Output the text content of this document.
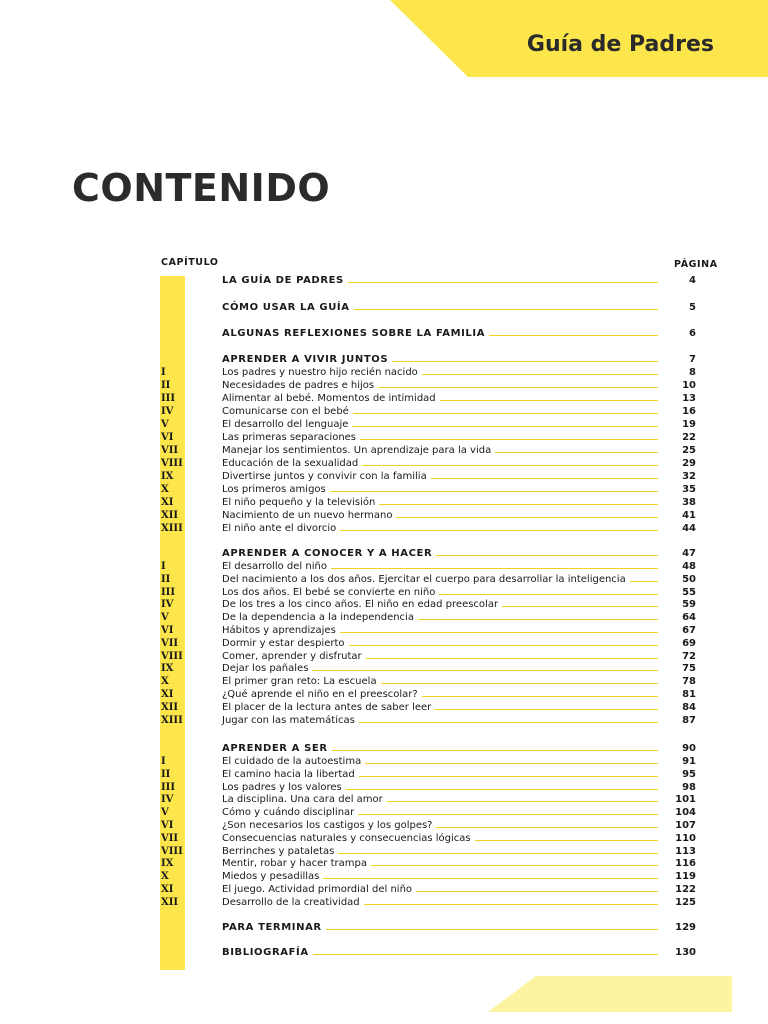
Guía de Padres
CONTENIDO
CAPÍTULO	PÁGINA
LA GUÍA DE PADRES	4
CÓMO USAR LA GUÍA	5
ALGUNAS REFLEXIONES SOBRE LA FAMILIA	6
APRENDER A VIVIR JUNTOS	7
I	Los padres y nuestro hijo recién nacido	8
II	Necesidades de padres e hijos	10
III	Alimentar al bebé. Momentos de intimidad	13
IV	Comunicarse con el bebé	16
V	El desarrollo del lenguaje	19
VI	Las primeras separaciones	22
VII	Manejar los sentimientos. Un aprendizaje para la vida	25
VIII	Educación de la sexualidad	29
IX	Divertirse juntos y convivir con la familia	32
X	Los primeros amigos	35
XI	El niño pequeño y la televisión	38
XII	Nacimiento de un nuevo hermano	41
XIII	El niño ante el divorcio	44
APRENDER A CONOCER Y A HACER	47
I	El desarrollo del niño	48
II	Del nacimiento a los dos años. Ejercitar el cuerpo para desarrollar la inteligencia	50
III	Los dos años. El bebé se convierte en niño	55
IV	De los tres a los cinco años. El niño en edad preescolar	59
V	De la dependencia a la independencia	64
VI	Hábitos y aprendizajes	67
VII	Dormir y estar despierto	69
VIII	Comer, aprender y disfrutar	72
IX	Dejar los pañales	75
X	El primer gran reto: La escuela	78
XI	¿Qué aprende el niño en el preescolar?	81
XII	El placer de la lectura antes de saber leer	84
XIII	Jugar con las matemáticas	87
APRENDER A SER	90
I	El cuidado de la autoestima	91
II	El camino hacia la libertad	95
III	Los padres y los valores	98
IV	La disciplina. Una cara del amor	101
V	Cómo y cuándo disciplinar	104
VI	¿Son necesarios los castigos y los golpes?	107
VII	Consecuencias naturales y consecuencias lógicas	110
VIII	Berrinches y pataletas	113
IX	Mentir, robar y hacer trampa	116
X	Miedos y pesadillas	119
XI	El juego. Actividad primordial del niño	122
XII	Desarrollo de la creatividad	125
PARA TERMINAR	129
BIBLIOGRAFÍA	130
